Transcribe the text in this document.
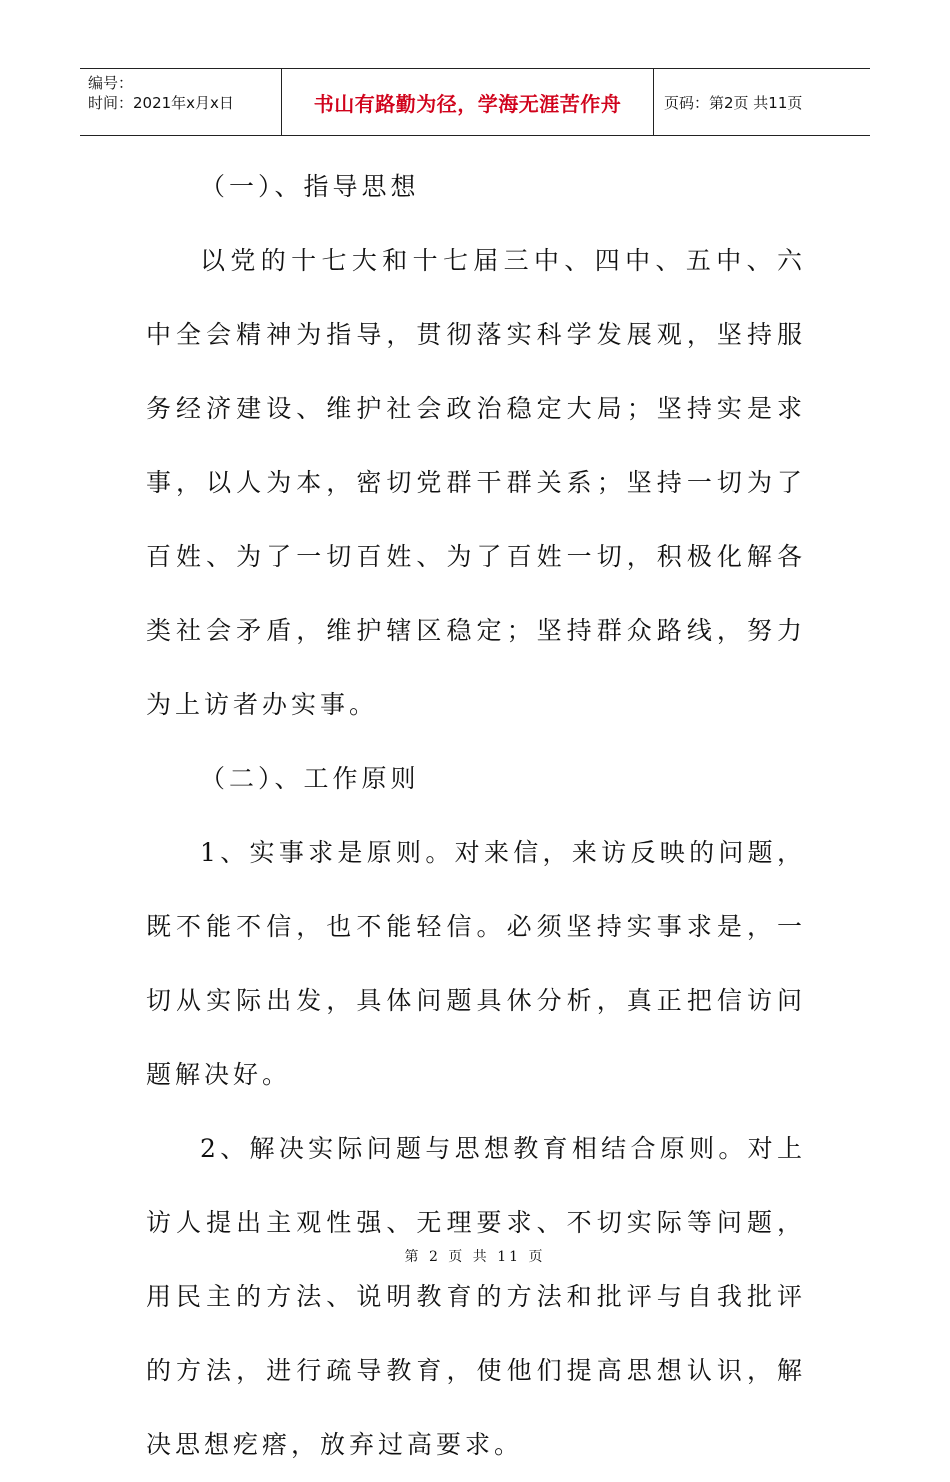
编号：
时间：2021年x月x日	书山有路勤为径，学海无涯苦作舟	页码：第2页 共11页

（一）、指导思想

以党的十七大和十七届三中、四中、五中、六中全会精神为指导，贯彻落实科学发展观，坚持服务经济建设、维护社会政治稳定大局；坚持实是求事，以人为本，密切党群干群关系；坚持一切为了百姓、为了一切百姓、为了百姓一切，积极化解各类社会矛盾，维护辖区稳定；坚持群众路线，努力为上访者办实事。

（二）、工作原则

1、实事求是原则。对来信，来访反映的问题，既不能不信，也不能轻信。必须坚持实事求是，一切从实际出发，具体问题具休分析，真正把信访问题解决好。

2、解决实际问题与思想教育相结合原则。对上访人提出主观性强、无理要求、不切实际等问题，用民主的方法、说明教育的方法和批评与自我批评的方法，进行疏导教育，使他们提高思想认识，解决思想疙瘩，放弃过高要求。

第 2 页 共 11 页
